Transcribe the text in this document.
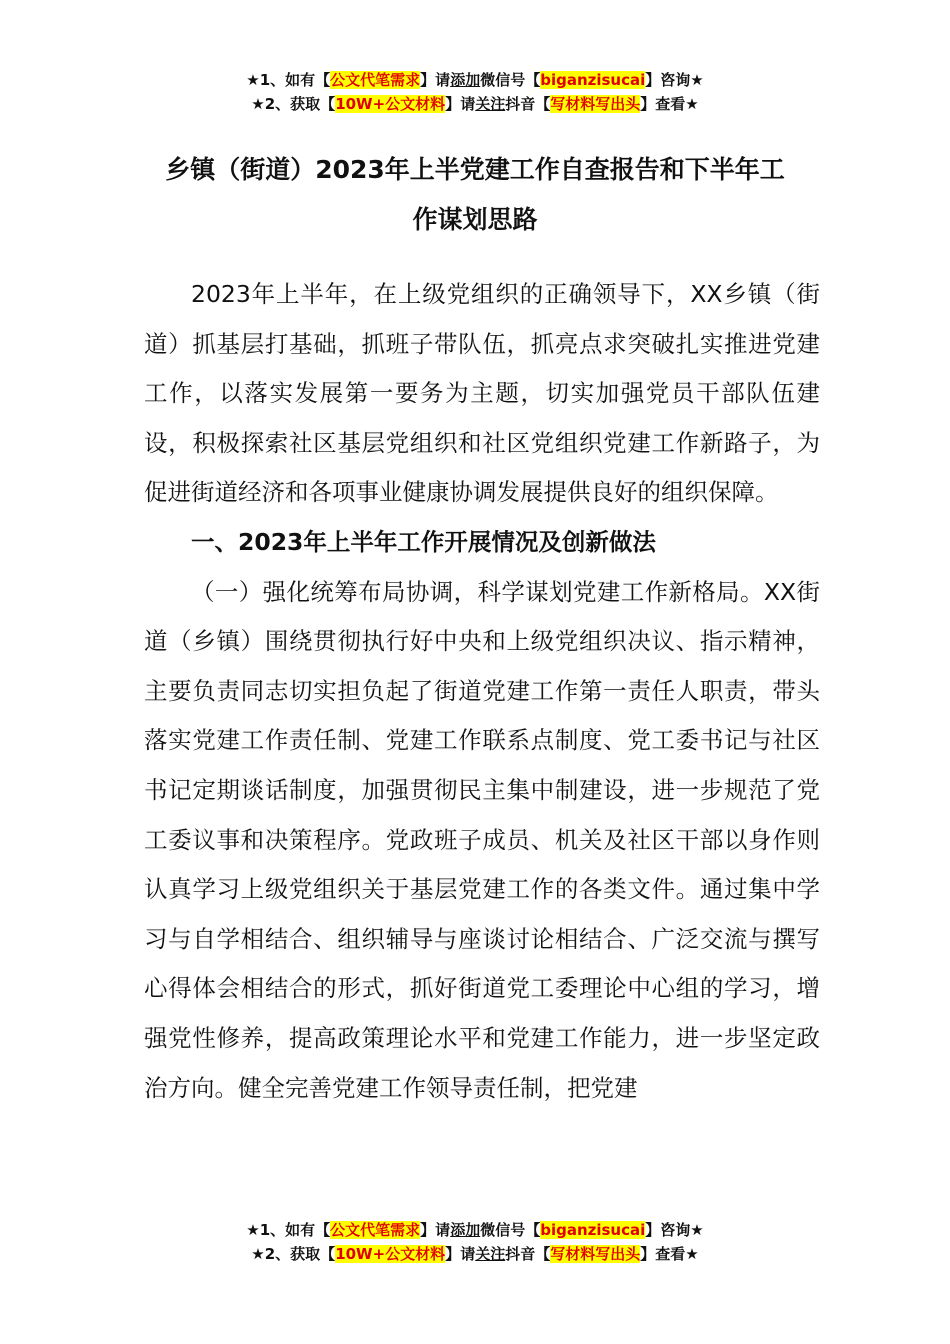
★1、如有【公文代笔需求】请添加微信号【biganzisucai】咨询★
★2、获取【10W+公文材料】请关注抖音【写材料写出头】查看★
乡镇（街道）2023年上半党建工作自查报告和下半年工
作谋划思路

2023年上半年，在上级党组织的正确领导下，XX乡镇（街道）抓基层打基础，抓班子带队伍，抓亮点求突破扎实推进党建工作，以落实发展第一要务为主题，切实加强党员干部队伍建设，积极探索社区基层党组织和社区党组织党建工作新路子，为促进街道经济和各项事业健康协调发展提供良好的组织保障。

一、2023年上半年工作开展情况及创新做法

（一）强化统筹布局协调，科学谋划党建工作新格局。XX街道（乡镇）围绕贯彻执行好中央和上级党组织决议、指示精神，主要负责同志切实担负起了街道党建工作第一责任人职责，带头落实党建工作责任制、党建工作联系点制度、党工委书记与社区书记定期谈话制度，加强贯彻民主集中制建设，进一步规范了党工委议事和决策程序。党政班子成员、机关及社区干部以身作则认真学习上级党组织关于基层党建工作的各类文件。通过集中学习与自学相结合、组织辅导与座谈讨论相结合、广泛交流与撰写心得体会相结合的形式，抓好街道党工委理论中心组的学习，增强党性修养，提高政策理论水平和党建工作能力，进一步坚定政治方向。健全完善党建工作领导责任制，把党建

★1、如有【公文代笔需求】请添加微信号【biganzisucai】咨询★
★2、获取【10W+公文材料】请关注抖音【写材料写出头】查看★
